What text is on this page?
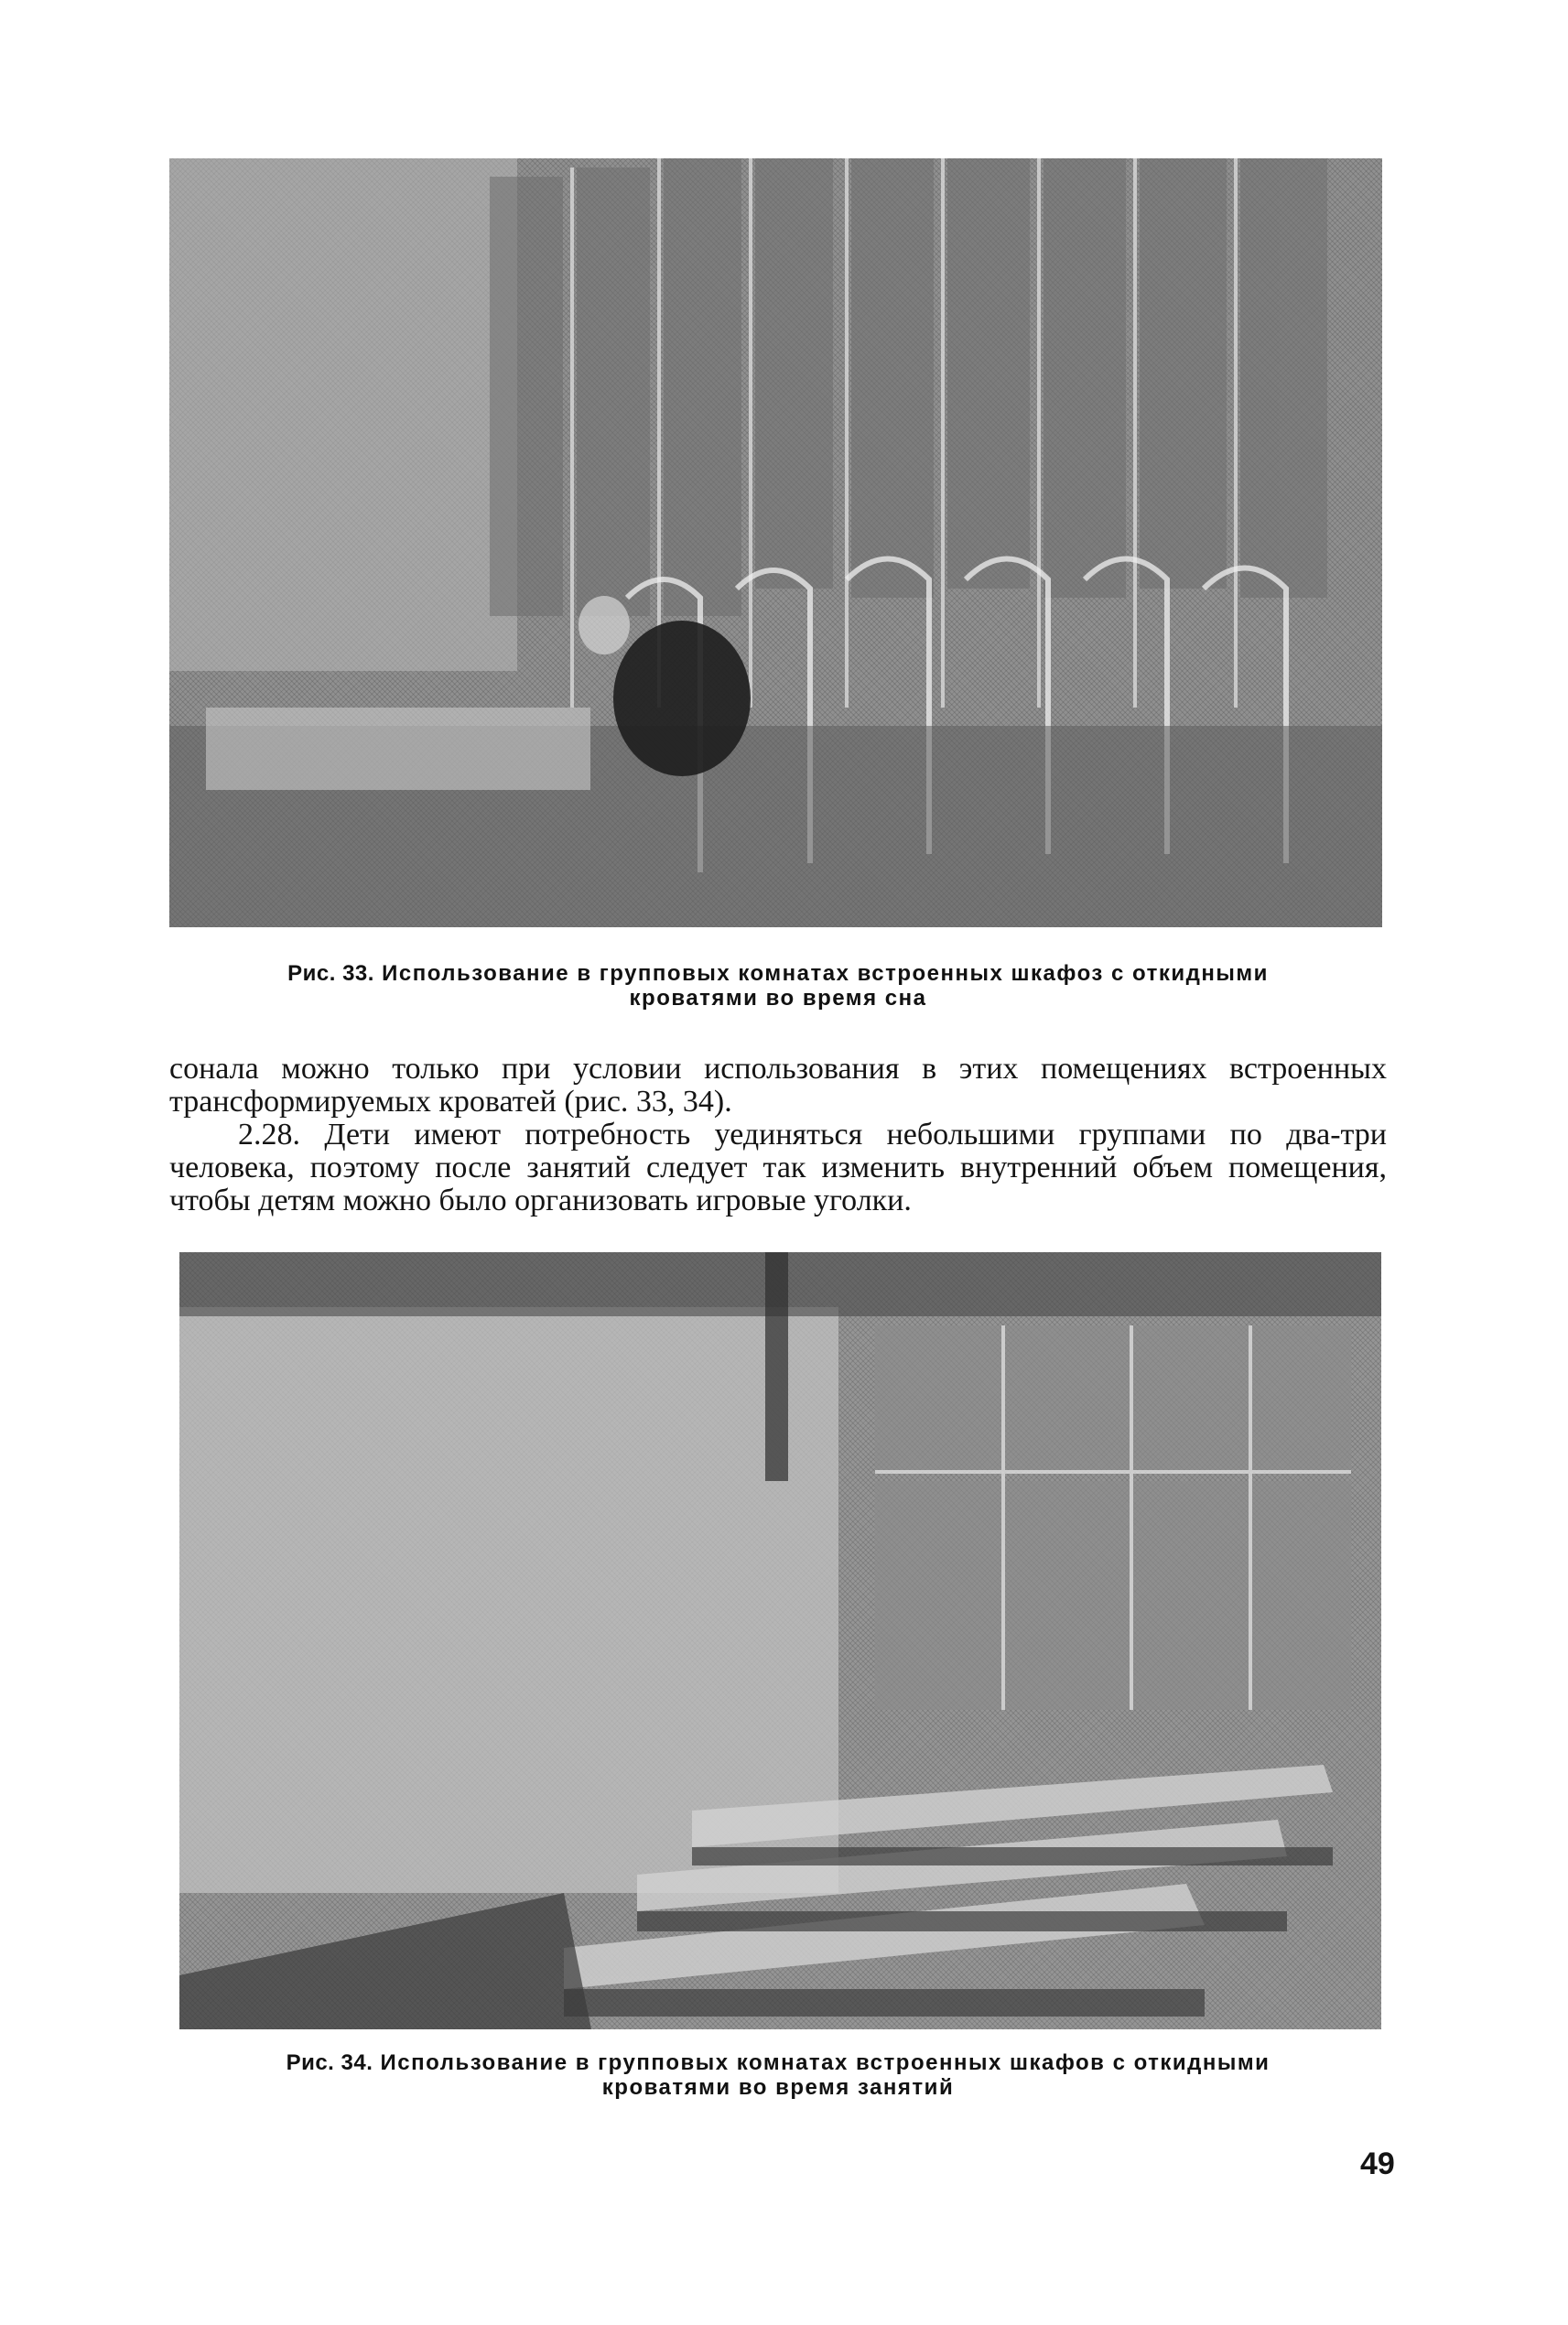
Рис. 33. Использование в групповых комнатах встроенных шкафоз с откидными
кроватями во время сна

сонала можно только при условии использования в этих помещениях встроенных трансформируемых кроватей (рис. 33, 34).

2.28. Дети имеют потребность уединяться небольшими группами по два-три человека, поэтому после занятий следует так изменить внутренний объем помещения, чтобы детям можно было организовать игровые уголки.

Рис. 34. Использование в групповых комнатах встроенных шкафов с откидными
кроватями во время занятий
49
